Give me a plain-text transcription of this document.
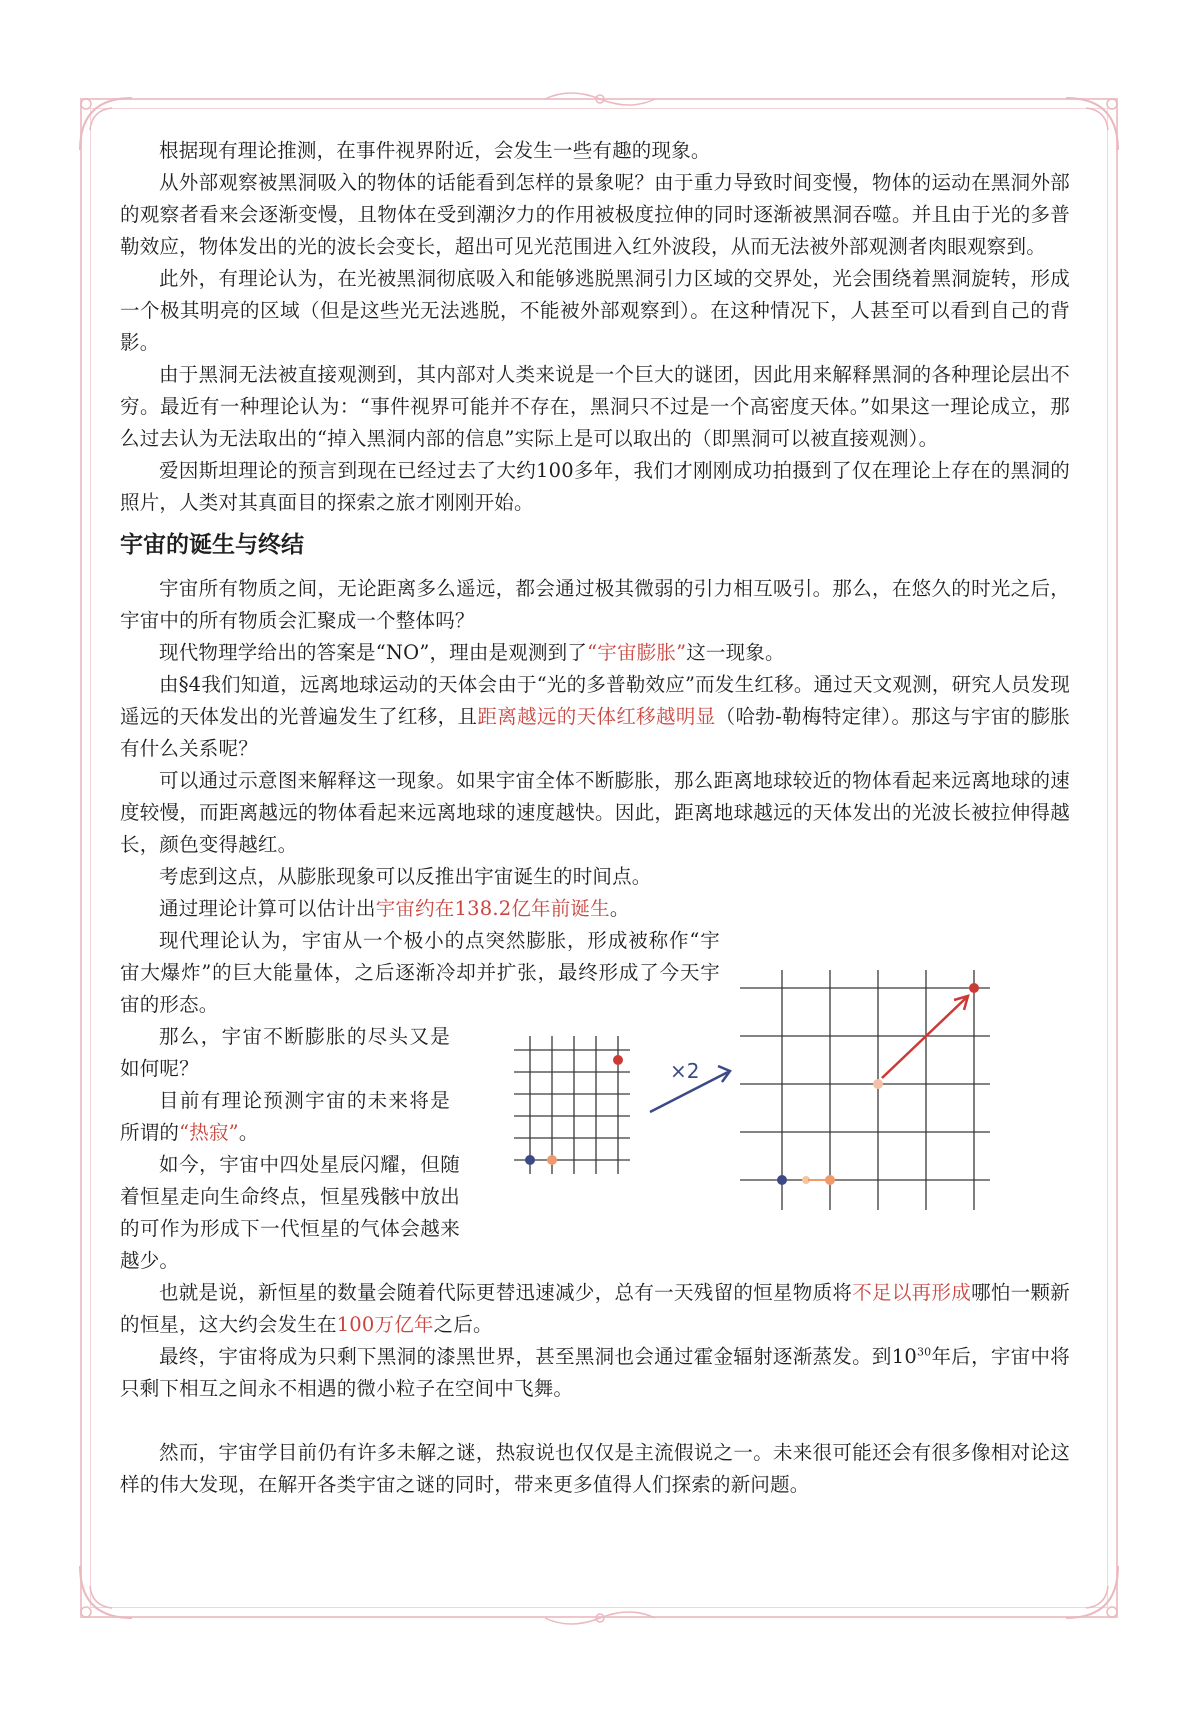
根据现有理论推测，在事件视界附近，会发生一些有趣的现象。

从外部观察被黑洞吸入的物体的话能看到怎样的景象呢？由于重力导致时间变慢，物体的运动在黑洞外部的观察者看来会逐渐变慢，且物体在受到潮汐力的作用被极度拉伸的同时逐渐被黑洞吞噬。并且由于光的多普勒效应，物体发出的光的波长会变长，超出可见光范围进入红外波段，从而无法被外部观测者肉眼观察到。

此外，有理论认为，在光被黑洞彻底吸入和能够逃脱黑洞引力区域的交界处，光会围绕着黑洞旋转，形成一个极其明亮的区域（但是这些光无法逃脱，不能被外部观察到）。在这种情况下，人甚至可以看到自己的背影。

由于黑洞无法被直接观测到，其内部对人类来说是一个巨大的谜团，因此用来解释黑洞的各种理论层出不穷。最近有一种理论认为：“事件视界可能并不存在，黑洞只不过是一个高密度天体。”如果这一理论成立，那么过去认为无法取出的“掉入黑洞内部的信息”实际上是可以取出的（即黑洞可以被直接观测）。

爱因斯坦理论的预言到现在已经过去了大约100多年，我们才刚刚成功拍摄到了仅在理论上存在的黑洞的照片，人类对其真面目的探索之旅才刚刚开始。

宇宙的诞生与终结

宇宙所有物质之间，无论距离多么遥远，都会通过极其微弱的引力相互吸引。那么，在悠久的时光之后，宇宙中的所有物质会汇聚成一个整体吗？

现代物理学给出的答案是“NO”，理由是观测到了“宇宙膨胀”这一现象。

由§4我们知道，远离地球运动的天体会由于“光的多普勒效应”而发生红移。通过天文观测，研究人员发现遥远的天体发出的光普遍发生了红移，且距离越远的天体红移越明显（哈勃-勒梅特定律）。那这与宇宙的膨胀有什么关系呢？

可以通过示意图来解释这一现象。如果宇宙全体不断膨胀，那么距离地球较近的物体看起来远离地球的速度较慢，而距离越远的物体看起来远离地球的速度越快。因此，距离地球越远的天体发出的光波长被拉伸得越长，颜色变得越红。

考虑到这点，从膨胀现象可以反推出宇宙诞生的时间点。

通过理论计算可以估计出宇宙约在138.2亿年前诞生。

现代理论认为，宇宙从一个极小的点突然膨胀，形成被称作“宇宙大爆炸”的巨大能量体，之后逐渐冷却并扩张，最终形成了今天宇宙的形态。

那么，宇宙不断膨胀的尽头又是如何呢？

目前有理论预测宇宙的未来将是所谓的“热寂”。

如今，宇宙中四处星辰闪耀，但随着恒星走向生命终点，恒星残骸中放出的可作为形成下一代恒星的气体会越来越少。

也就是说，新恒星的数量会随着代际更替迅速减少，总有一天残留的恒星物质将不足以再形成哪怕一颗新的恒星，这大约会发生在100万亿年之后。

最终，宇宙将成为只剩下黑洞的漆黑世界，甚至黑洞也会通过霍金辐射逐渐蒸发。到$10^{30}$年后，宇宙中将只剩下相互之间永不相遇的微小粒子在空间中飞舞。

然而，宇宙学目前仍有许多未解之谜，热寂说也仅仅是主流假说之一。未来很可能还会有很多像相对论这样的伟大发现，在解开各类宇宙之谜的同时，带来更多值得人们探索的新问题。

×2
